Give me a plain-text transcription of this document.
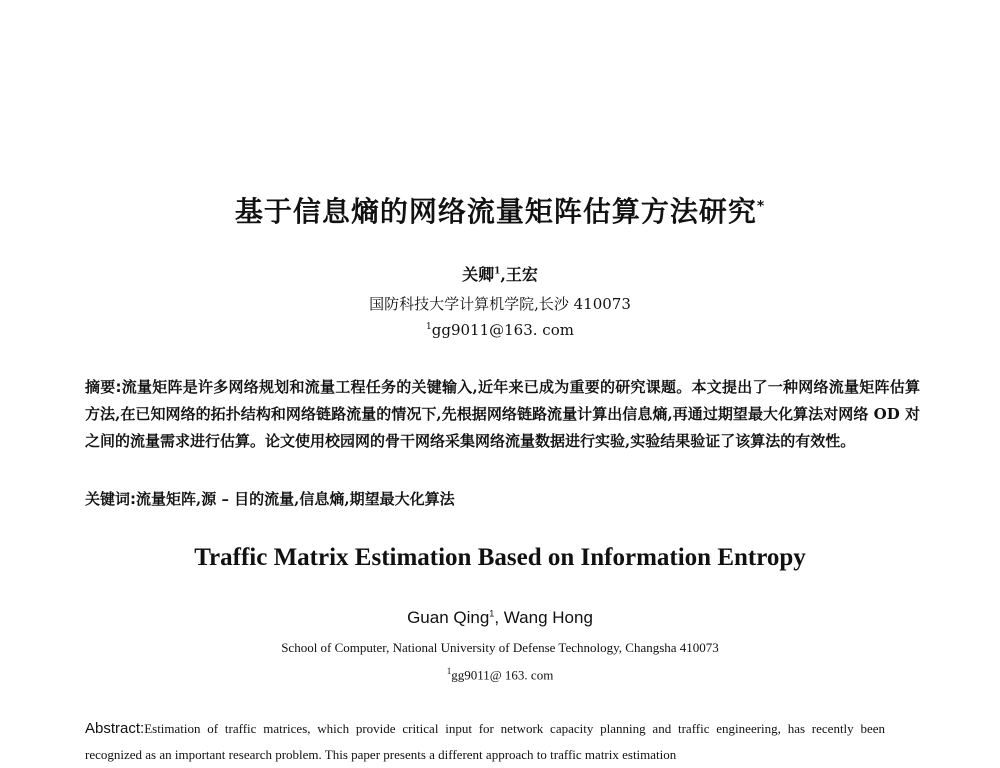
基于信息熵的网络流量矩阵估算方法研究*
关卿$^1$,王宏
国防科技大学计算机学院,长沙 410073
$^1$gg9011@163. com

摘要:流量矩阵是许多网络规划和流量工程任务的关键输入,近年来已成为重要的研究课题。本文提出了一种网络流量矩阵估算方法,在已知网络的拓扑结构和网络链路流量的情况下,先根据网络链路流量计算出信息熵,再通过期望最大化算法对网络 OD 对之间的流量需求进行估算。论文使用校园网的骨干网络采集网络流量数据进行实验,实验结果验证了该算法的有效性。

关键词:流量矩阵,源 – 目的流量,信息熵,期望最大化算法

Traffic Matrix Estimation Based on Information Entropy
Guan Qing$^1$, Wang Hong
School of Computer, National University of Defense Technology, Changsha 410073
$^1$gg9011@ 163. com

Abstract:Estimation of traffic matrices, which provide critical input for network capacity planning and traffic engineering, has recently been recognized as an important research problem. This paper presents a different approach to traffic matrix estimation
